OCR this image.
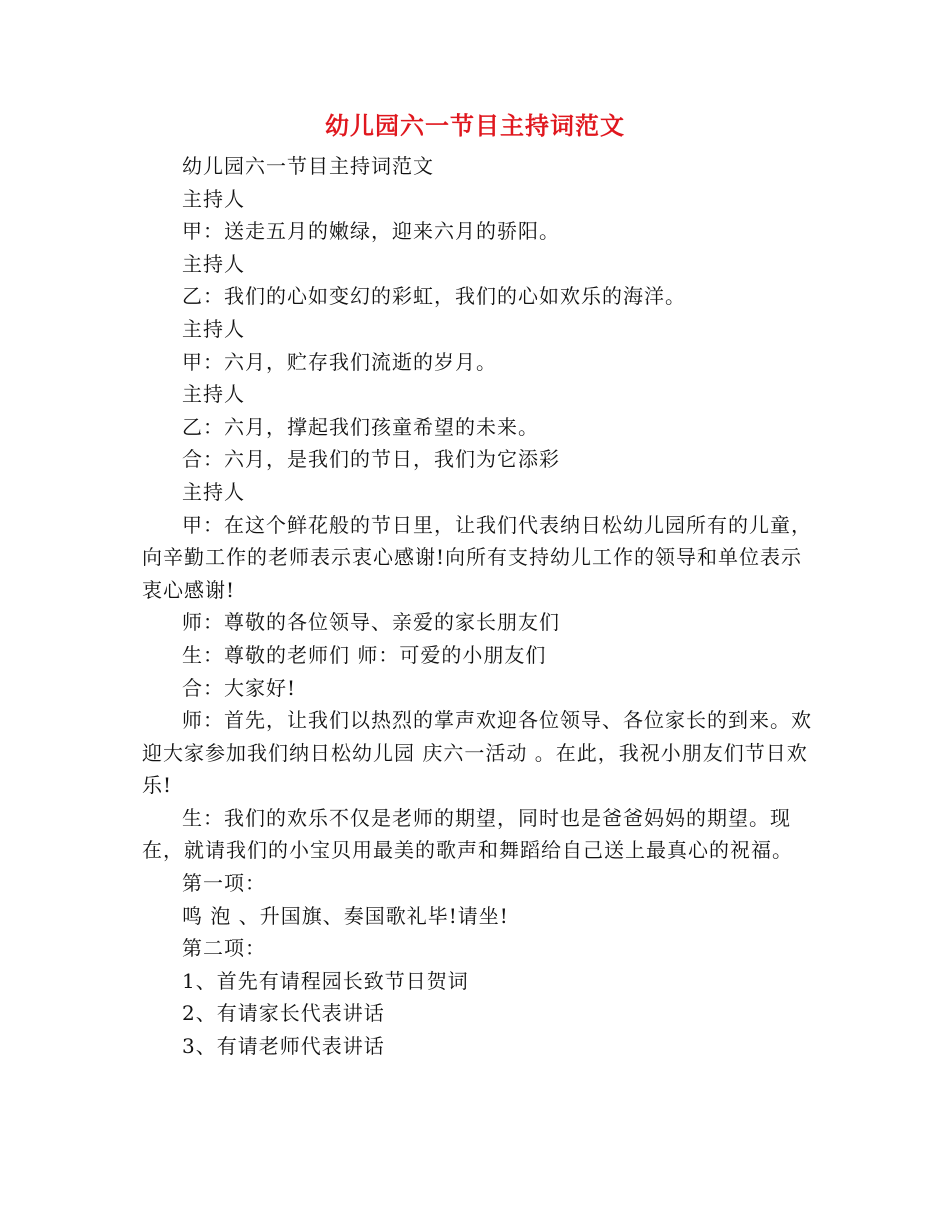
幼儿园六一节目主持词范文

幼儿园六一节目主持词范文

主持人

甲：送走五月的嫩绿，迎来六月的骄阳。

主持人

乙：我们的心如变幻的彩虹，我们的心如欢乐的海洋。

主持人

甲：六月，贮存我们流逝的岁月。

主持人

乙：六月，撑起我们孩童希望的未来。

合：六月，是我们的节日，我们为它添彩

主持人

甲：在这个鲜花般的节日里，让我们代表纳日松幼儿园所有的儿童，向辛勤工作的老师表示衷心感谢!向所有支持幼儿工作的领导和单位表示衷心感谢!

师：尊敬的各位领导、亲爱的家长朋友们

生：尊敬的老师们 师：可爱的小朋友们

合：大家好!

师：首先，让我们以热烈的掌声欢迎各位领导、各位家长的到来。欢迎大家参加我们纳日松幼儿园 庆六一活动 。在此，我祝小朋友们节日欢乐!

生：我们的欢乐不仅是老师的期望，同时也是爸爸妈妈的期望。现在，就请我们的小宝贝用最美的歌声和舞蹈给自己送上最真心的祝福。

第一项：

鸣 泡 、升国旗、奏国歌礼毕!请坐!

第二项：

1、首先有请程园长致节日贺词

2、有请家长代表讲话

3、有请老师代表讲话
